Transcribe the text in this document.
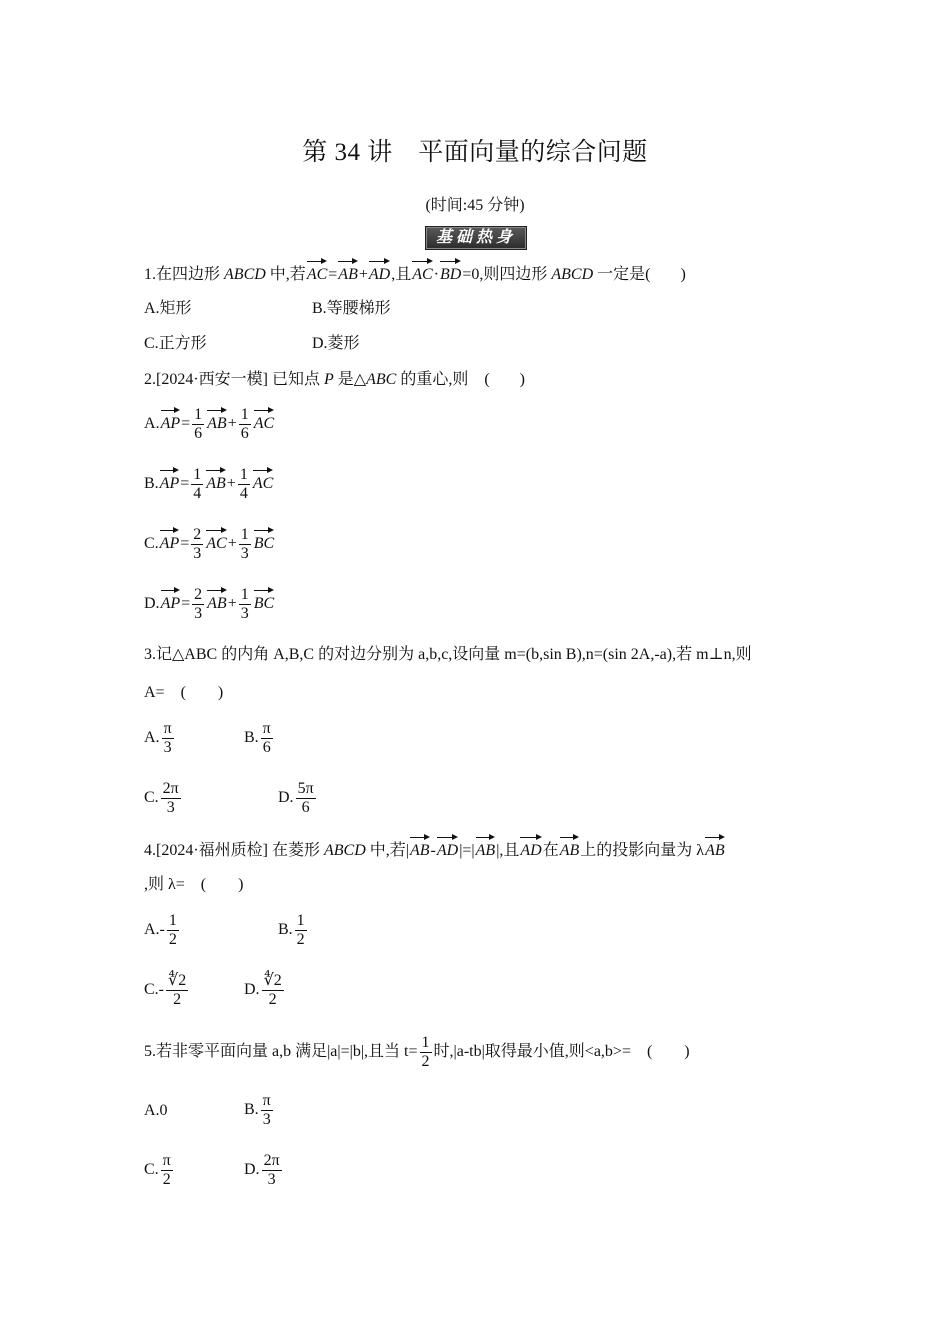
第 34 讲　平面向量的综合问题
(时间:45 分钟)
基础热身
1.在四边形 ABCD 中,若AC=AB+AD,且AC·BD=0,则四边形 ABCD 一定是( )
A.矩形	B.等腰梯形
C.正方形	D.菱形
2.[2024·西安一模] 已知点 P 是△ABC 的重心,则　( )
$A.AP= \frac{1}{6} AB+ \frac{1}{6}$ AC
$B.AP= \frac{1}{4} AB+ \frac{1}{4}$ AC
$C.AP= \frac{2}{3} AC+ \frac{1}{3}$ BC
$D.AP= \frac{2}{3} AB+ \frac{1}{3}$ BC
3.记△ABC 的内角 A,B,C 的对边分别为 a,b,c,设向量 m=(b,sin B),n=(sin 2A,-a),若 m⊥n,则
A=　(　　)
A. $\frac{\pi}{3}$	B. $\frac{\pi}{6}$
C. $\frac{2\pi}{3}$	D. $\frac{5\pi}{6}$
4.[2024·福州质检] 在菱形 ABCD 中,若|AB-AD|=|AB|,且AD在AB上的投影向量为 λAB
,则 λ=　(　　)
$A.- \frac{1}{2}$	B. $\frac{1}{2}$
$C.- \frac{∜2}{2}$	D. $\frac{∜2}{2}$
5.若非零平面向量 a,b 满足|a|=|b|,且当 $t= \frac{1}{2}$ 时,|a-tb|取得最小值,则<a,b>=　(　　)
A.0	B. $\frac{\pi}{3}$
C. $\frac{\pi}{2}$	D. $\frac{2\pi}{3}$
